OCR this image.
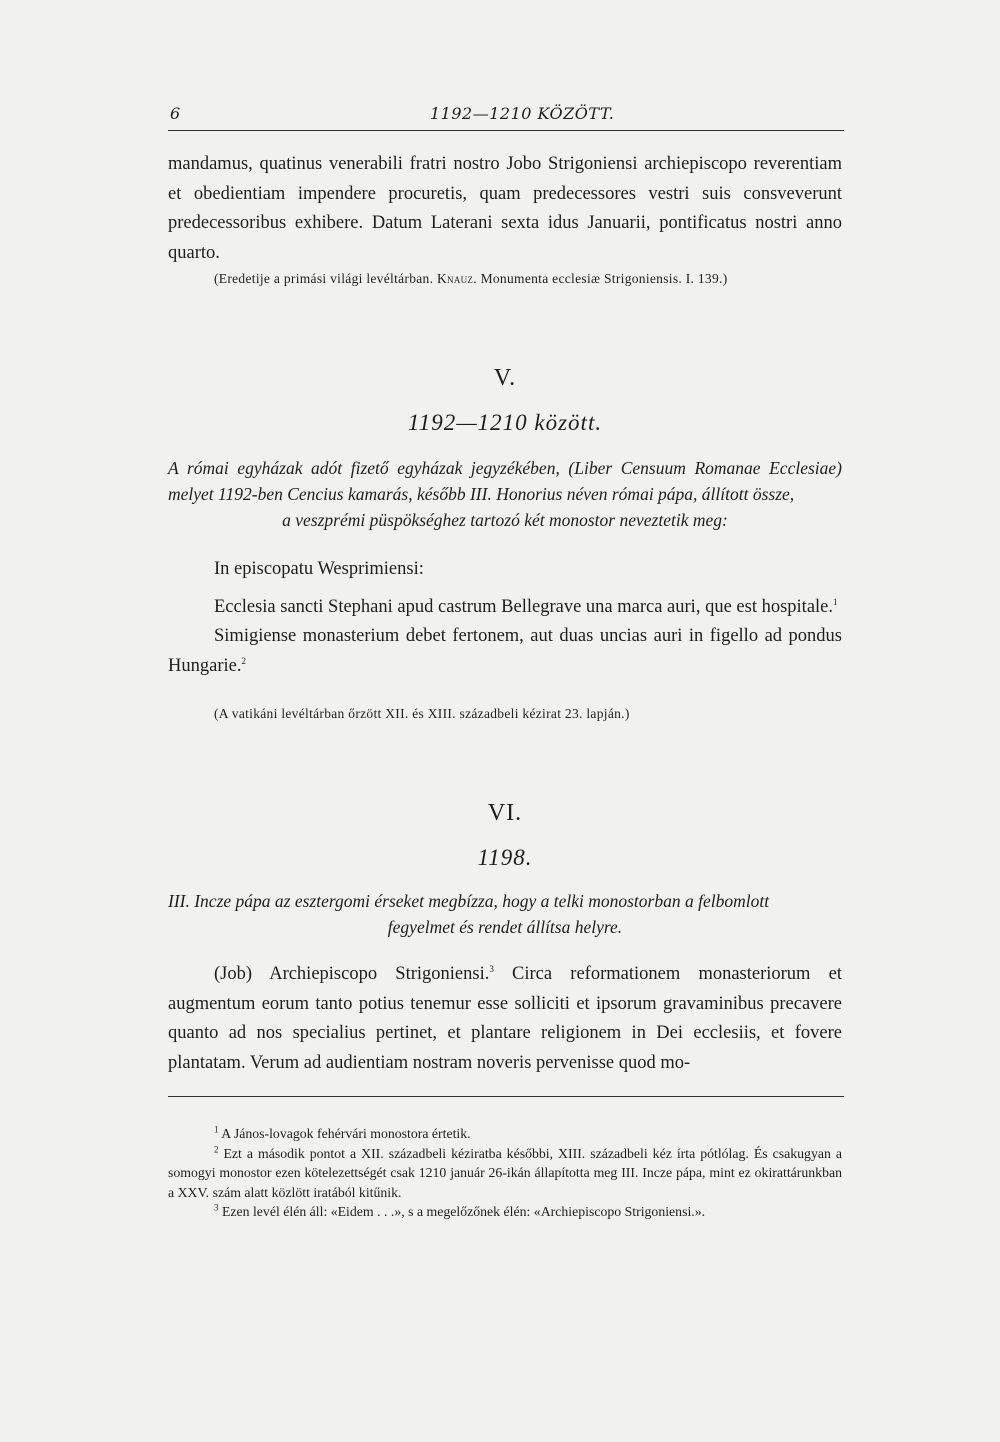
6	1192—1210 KÖZÖTT.

mandamus, quatinus venerabili fratri nostro Jobo Strigoniensi archiepiscopo reverentiam et obedientiam impendere procuretis, quam predecessores vestri suis consveverunt predecessoribus exhibere. Datum Laterani sexta idus Januarii, pontificatus nostri anno quarto.

(Eredetije a primási világi levéltárban. Knauz. Monumenta ecclesiæ Strigoniensis. I. 139.)

V.
1192—1210 között.

A római egyházak adót fizető egyházak jegyzékében, (Liber Censuum Romanae Ecclesiae) melyet 1192-ben Cencius kamarás, később III. Honorius néven római pápa, állított össze,
a veszprémi püspökséghez tartozó két monostor neveztetik meg:

In episcopatu Wesprimiensi:

Ecclesia sancti Stephani apud castrum Bellegrave una marca auri, que est hospitale.$^1$

Simigiense monasterium debet fertonem, aut duas uncias auri in figello ad pondus Hungarie.$^2$

(A vatikáni levéltárban őrzött XII. és XIII. századbeli kézirat 23. lapján.)

VI.
1198.

III. Incze pápa az esztergomi érseket megbízza, hogy a telki monostorban a felbomlott
fegyelmet és rendet állítsa helyre.

(Job) Archiepiscopo Strigoniensi.$^3$ Circa reformationem monasteriorum et augmentum eorum tanto potius tenemur esse solliciti et ipsorum gravaminibus precavere quanto ad nos specialius pertinet, et plantare religionem in Dei ecclesiis, et fovere plantatam. Verum ad audientiam nostram noveris pervenisse quod mo-

$^1$ A János-lovagok fehérvári monostora értetik.

$^2$ Ezt a második pontot a XII. századbeli kéziratba későbbi, XIII. századbeli kéz írta pótlólag. És csakugyan a somogyi monostor ezen kötelezettségét csak 1210 január 26-ikán állapította meg III. Incze pápa, mint ez okirattárunkban a XXV. szám alatt közlött iratából kitűnik.

$^3$ Ezen levél élén áll: «Eidem . . .», s a megelőzőnek élén: «Archiepiscopo Strigoniensi.».
